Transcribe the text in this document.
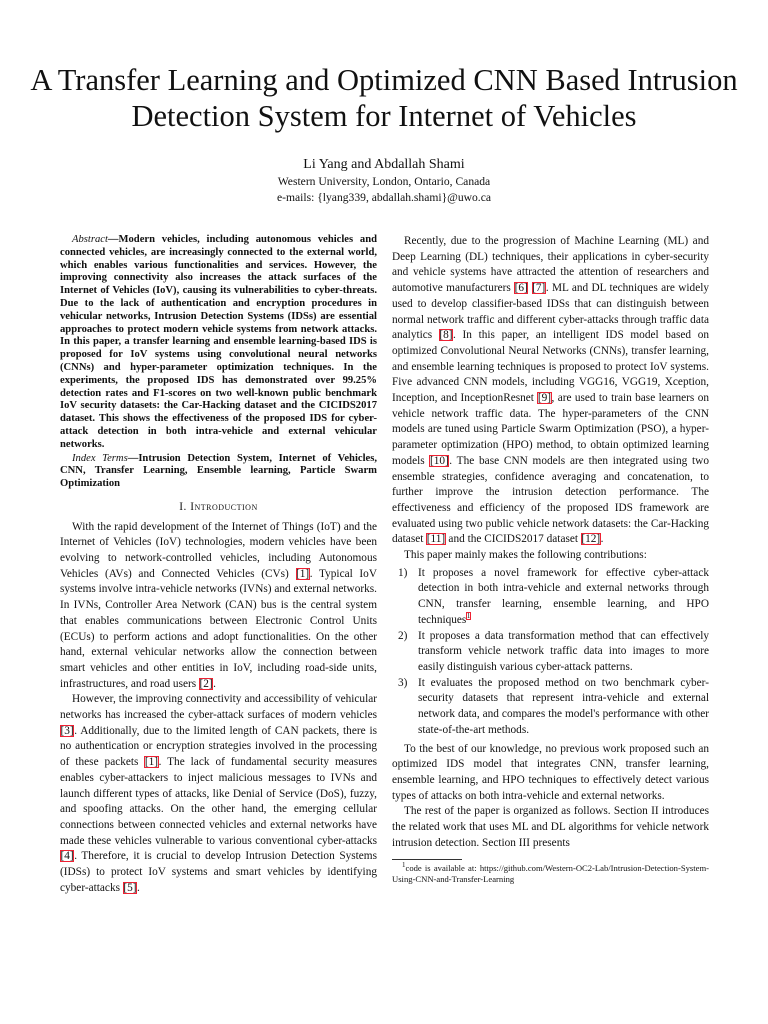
A Transfer Learning and Optimized CNN Based Intrusion Detection System for Internet of Vehicles
Li Yang and Abdallah Shami
Western University, London, Ontario, Canada
e-mails: {lyang339, abdallah.shami}@uwo.ca

Abstract—Modern vehicles, including autonomous vehicles and connected vehicles, are increasingly connected to the external world, which enables various functionalities and services. However, the improving connectivity also increases the attack surfaces of the Internet of Vehicles (IoV), causing its vulnerabilities to cyber-threats. Due to the lack of authentication and encryption procedures in vehicular networks, Intrusion Detection Systems (IDSs) are essential approaches to protect modern vehicle systems from network attacks. In this paper, a transfer learning and ensemble learning-based IDS is proposed for IoV systems using convolutional neural networks (CNNs) and hyper-parameter optimization techniques. In the experiments, the proposed IDS has demonstrated over 99.25% detection rates and F1-scores on two well-known public benchmark IoV security datasets: the Car-Hacking dataset and the CICIDS2017 dataset. This shows the effectiveness of the proposed IDS for cyber-attack detection in both intra-vehicle and external vehicular networks.

Index Terms—Intrusion Detection System, Internet of Vehicles, CNN, Transfer Learning, Ensemble learning, Particle Swarm Optimization

I. Introduction

With the rapid development of the Internet of Things (IoT) and the Internet of Vehicles (IoV) technologies, modern vehicles have been evolving to network-controlled vehicles, including Autonomous Vehicles (AVs) and Connected Vehicles (CVs) [1]. Typical IoV systems involve intra-vehicle networks (IVNs) and external networks. In IVNs, Controller Area Network (CAN) bus is the central system that enables communications between Electronic Control Units (ECUs) to perform actions and adopt functionalities. On the other hand, external vehicular networks allow the connection between smart vehicles and other entities in IoV, including road-side units, infrastructures, and road users [2].

However, the improving connectivity and accessibility of vehicular networks has increased the cyber-attack surfaces of modern vehicles [3]. Additionally, due to the limited length of CAN packets, there is no authentication or encryption strategies involved in the processing of these packets [1]. The lack of fundamental security measures enables cyber-attackers to inject malicious messages to IVNs and launch different types of attacks, like Denial of Service (DoS), fuzzy, and spoofing attacks. On the other hand, the emerging cellular connections between connected vehicles and external networks have made these vehicles vulnerable to various conventional cyber-attacks [4]. Therefore, it is crucial to develop Intrusion Detection Systems (IDSs) to protect IoV systems and smart vehicles by identifying cyber-attacks [5].

Recently, due to the progression of Machine Learning (ML) and Deep Learning (DL) techniques, their applications in cyber-security and vehicle systems have attracted the attention of researchers and automotive manufacturers [6] [7]. ML and DL techniques are widely used to develop classifier-based IDSs that can distinguish between normal network traffic and different cyber-attacks through traffic data analytics [8]. In this paper, an intelligent IDS model based on optimized Convolutional Neural Networks (CNNs), transfer learning, and ensemble learning techniques is proposed to protect IoV systems. Five advanced CNN models, including VGG16, VGG19, Xception, Inception, and InceptionResnet [9], are used to train base learners on vehicle network traffic data. The hyper-parameters of the CNN models are tuned using Particle Swarm Optimization (PSO), a hyper-parameter optimization (HPO) method, to obtain optimized learning models [10]. The base CNN models are then integrated using two ensemble strategies, confidence averaging and concatenation, to further improve the intrusion detection performance. The effectiveness and efficiency of the proposed IDS framework are evaluated using two public vehicle network datasets: the Car-Hacking dataset [11] and the CICIDS2017 dataset [12].

This paper mainly makes the following contributions:

1) It proposes a novel framework for effective cyber-attack detection in both intra-vehicle and external networks through CNN, transfer learning, ensemble learning, and HPO techniques$^1$
2) It proposes a data transformation method that can effectively transform vehicle network traffic data into images to more easily distinguish various cyber-attack patterns.
3) It evaluates the proposed method on two benchmark cyber-security datasets that represent intra-vehicle and external network data, and compares the model's performance with other state-of-the-art methods.

To the best of our knowledge, no previous work proposed such an optimized IDS model that integrates CNN, transfer learning, ensemble learning, and HPO techniques to effectively detect various types of attacks on both intra-vehicle and external networks.

The rest of the paper is organized as follows. Section II introduces the related work that uses ML and DL algorithms for vehicle network intrusion detection. Section III presents

$^1$code is available at: https://github.com/Western-OC2-Lab/Intrusion-Detection-System-Using-CNN-and-Transfer-Learning
